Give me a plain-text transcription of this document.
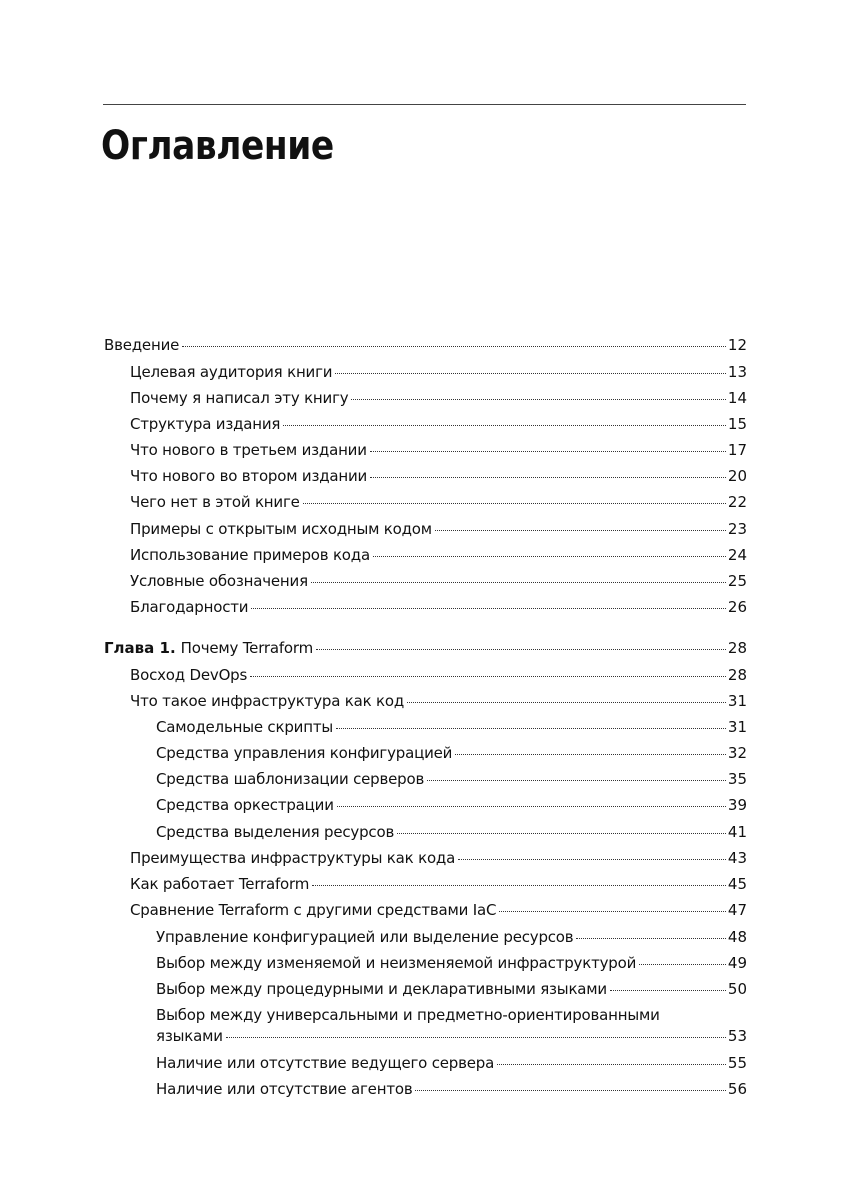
Оглавление
Введение	12
Целевая аудитория книги	13
Почему я написал эту книгу	14
Структура издания	15
Что нового в третьем издании	17
Что нового во втором издании	20
Чего нет в этой книге	22
Примеры с открытым исходным кодом	23
Использование примеров кода	24
Условные обозначения	25
Благодарности	26
Глава 1. Почему Terraform	28
Восход DevOps	28
Что такое инфраструктура как код	31
Самодельные скрипты	31
Средства управления конфигурацией	32
Средства шаблонизации серверов	35
Средства оркестрации	39
Средства выделения ресурсов	41
Преимущества инфраструктуры как кода	43
Как работает Terraform	45
Сравнение Terraform с другими средствами IaC	47
Управление конфигурацией или выделение ресурсов	48
Выбор между изменяемой и неизменяемой инфраструктурой	49
Выбор между процедурными и декларативными языками	50
Выбор между универсальными и предметно-ориентированными
языками	53
Наличие или отсутствие ведущего сервера	55
Наличие или отсутствие агентов	56
